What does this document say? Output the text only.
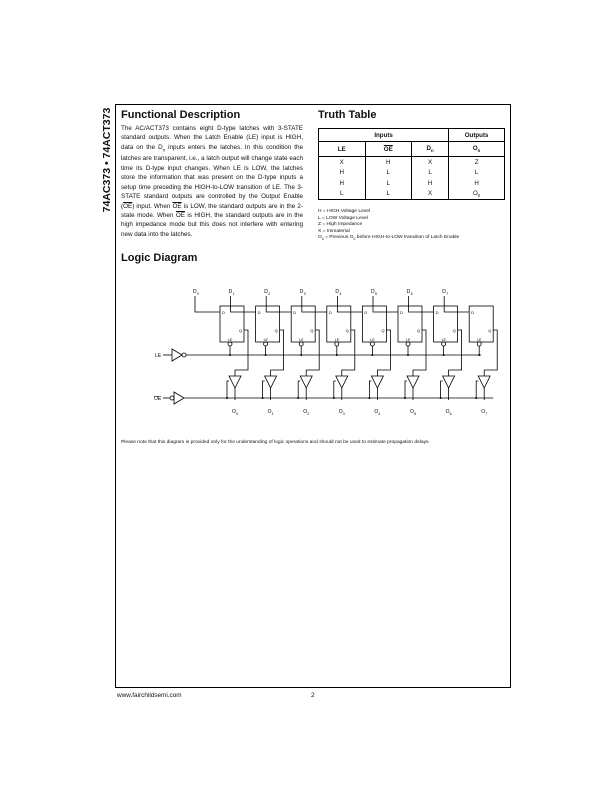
74AC373 • 74ACT373 Functional Description
The AC/ACT373 contains eight D-type latches with 3-STATE standard outputs. When the Latch Enable (LE) input is HIGH, data on the $D_n$ inputs enters the latches. In this condition the latches are transparent, i.e., a latch output will change state each time its D-type input changes. When LE is LOW, the latches store the information that was present on the D-type inputs a setup time preceding the HIGH-to-LOW transition of LE. The 3-STATE standard outputs are controlled by the Output Enable $(\overline{OE})$ input. When $\overline{OE}$ is LOW, the standard outputs are in the 2-state mode. When $\overline{OE}$ is HIGH, the standard outputs are in the high impedance mode but this does not interfere with entering new data into the latches.
Truth Table
Inputs			Outputs
LE	$\overline{OE}$	$D_n$	$O_n$
X	H	X	Z
H	L	L	L
H	L	H	H
L	L	X	$O_0$
H = HIGH Voltage Level
L = LOW Voltage Level
Z = High Impedance
X = Immaterial
$O_0$ = Previous $O_0$ before HIGH-to-LOW transition of Latch Enable
Logic Diagram
LE
OE
D 0
D
Q
LE
O 0
D 1
D
Q
LE
O 1
D 2
D
Q
LE
O 2
D 3
D
Q
LE
O 3
D 4
D
Q
LE
O 4
D 5
D
Q
LE
O 5
D 6
D
Q
LE
O 6
D 7
D
Q
LE
O 7
Please note that this diagram is provided only for the understanding of logic operations and should not be used to estimate propagation delays.
www.fairchildsemi.com	2
